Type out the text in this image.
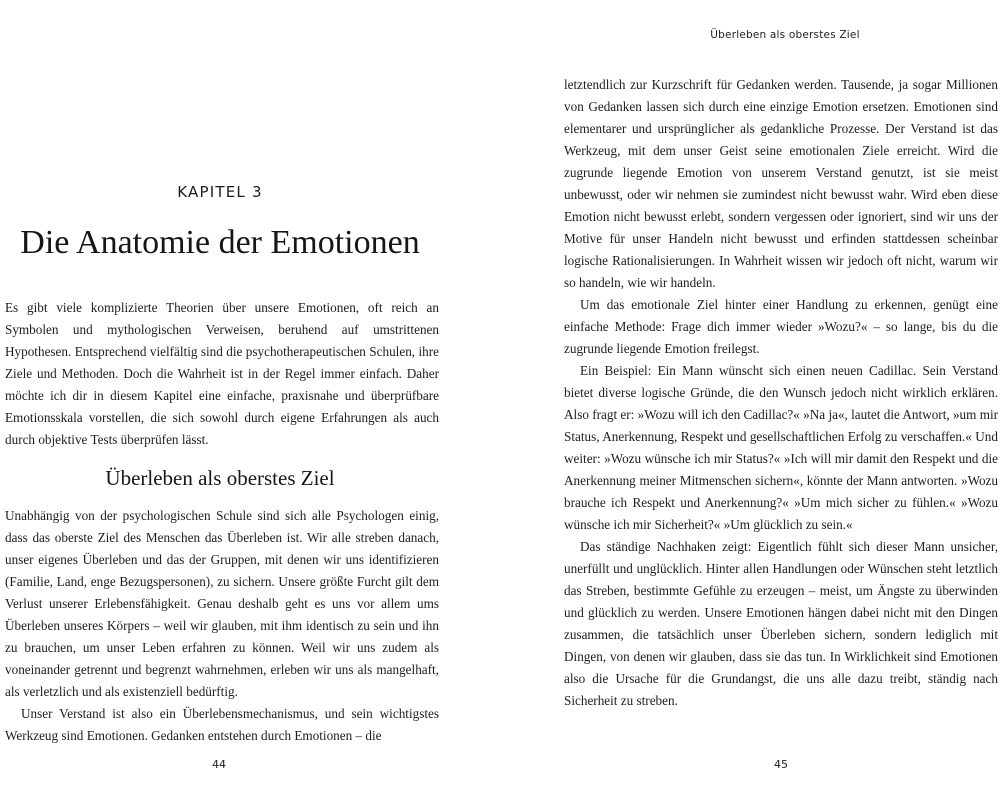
KAPITEL 3
Die Anatomie der Emotionen

Es gibt viele komplizierte Theorien über unsere Emotionen, oft reich an Symbolen und mythologischen Verweisen, beruhend auf umstrittenen Hypothesen. Entsprechend vielfältig sind die psychotherapeutischen Schulen, ihre Ziele und Methoden. Doch die Wahrheit ist in der Regel immer einfach. Daher möchte ich dir in diesem Kapitel eine einfache, praxisnahe und überprüfbare Emotionsskala vorstellen, die sich sowohl durch eigene Erfahrungen als auch durch objektive Tests überprüfen lässt.

Überleben als oberstes Ziel

Unabhängig von der psychologischen Schule sind sich alle Psychologen einig, dass das oberste Ziel des Menschen das Überleben ist. Wir alle streben danach, unser eigenes Überleben und das der Gruppen, mit denen wir uns identifizieren (Familie, Land, enge Bezugspersonen), zu sichern. Unsere größte Furcht gilt dem Verlust unserer Erlebensfähigkeit. Genau deshalb geht es uns vor allem ums Überleben unseres Körpers – weil wir glauben, mit ihm identisch zu sein und ihn zu brauchen, um unser Leben erfahren zu können. Weil wir uns zudem als voneinander getrennt und begrenzt wahrnehmen, erleben wir uns als mangelhaft, als verletzlich und als existenziell bedürftig.

Unser Verstand ist also ein Überlebensmechanismus, und sein wichtigstes Werkzeug sind Emotionen. Gedanken entstehen durch Emotionen – die

44
Überleben als oberstes Ziel

letztendlich zur Kurzschrift für Gedanken werden. Tausende, ja sogar Millionen von Gedanken lassen sich durch eine einzige Emotion ersetzen. Emotionen sind elementarer und ursprünglicher als gedankliche Prozesse. Der Verstand ist das Werkzeug, mit dem unser Geist seine emotionalen Ziele erreicht. Wird die zugrunde liegende Emotion von unserem Verstand genutzt, ist sie meist unbewusst, oder wir nehmen sie zumindest nicht bewusst wahr. Wird eben diese Emotion nicht bewusst erlebt, sondern vergessen oder ignoriert, sind wir uns der Motive für unser Handeln nicht bewusst und erfinden stattdessen scheinbar logische Rationalisierungen. In Wahrheit wissen wir jedoch oft nicht, warum wir so handeln, wie wir handeln.

Um das emotionale Ziel hinter einer Handlung zu erkennen, genügt eine einfache Methode: Frage dich immer wieder »Wozu?« – so lange, bis du die zugrunde liegende Emotion freilegst.

Ein Beispiel: Ein Mann wünscht sich einen neuen Cadillac. Sein Verstand bietet diverse logische Gründe, die den Wunsch jedoch nicht wirklich erklären. Also fragt er: »Wozu will ich den Cadillac?« »Na ja«, lautet die Antwort, »um mir Status, Anerkennung, Respekt und gesellschaftlichen Erfolg zu verschaffen.« Und weiter: »Wozu wünsche ich mir Status?« »Ich will mir damit den Respekt und die Anerkennung meiner Mitmenschen sichern«, könnte der Mann antworten. »Wozu brauche ich Respekt und Anerkennung?« »Um mich sicher zu fühlen.« »Wozu wünsche ich mir Sicherheit?« »Um glücklich zu sein.«

Das ständige Nachhaken zeigt: Eigentlich fühlt sich dieser Mann unsicher, unerfüllt und unglücklich. Hinter allen Handlungen oder Wünschen steht letztlich das Streben, bestimmte Gefühle zu erzeugen – meist, um Ängste zu überwinden und glücklich zu werden. Unsere Emotionen hängen dabei nicht mit den Dingen zusammen, die tatsächlich unser Überleben sichern, sondern lediglich mit Dingen, von denen wir glauben, dass sie das tun. In Wirklichkeit sind Emotionen also die Ursache für die Grundangst, die uns alle dazu treibt, ständig nach Sicherheit zu streben.

45
